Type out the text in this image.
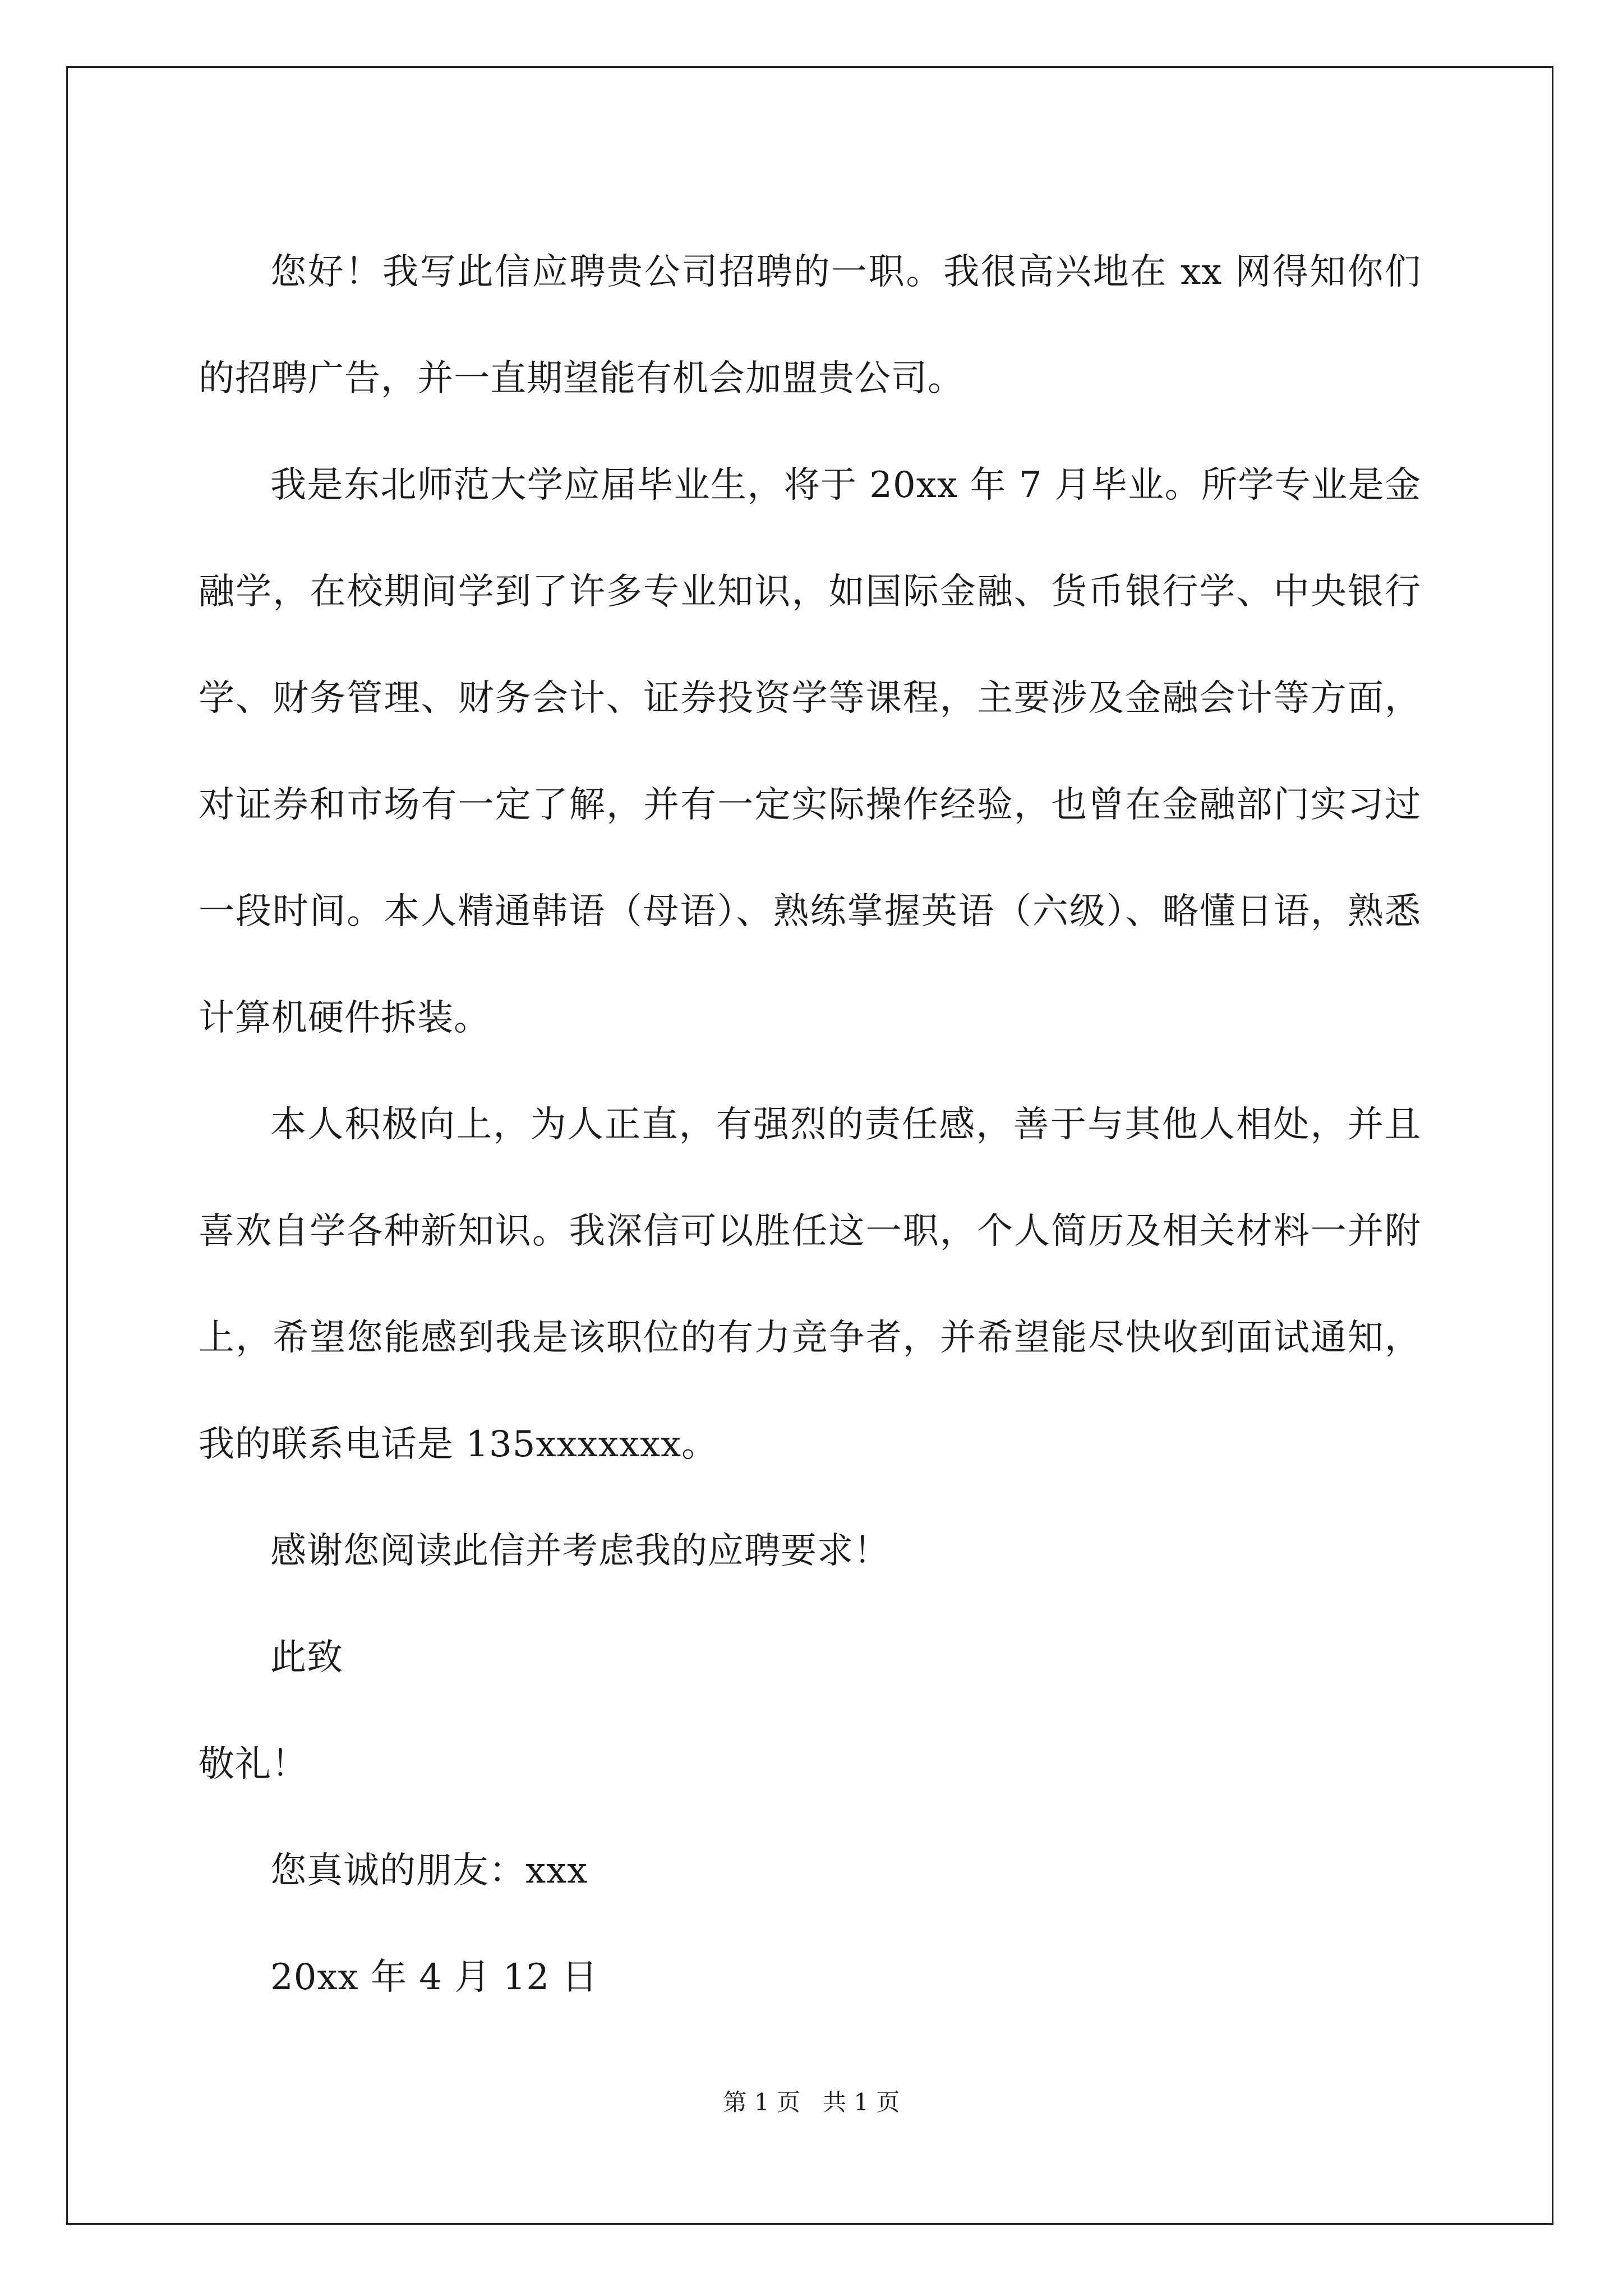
您好！我写此信应聘贵公司招聘的一职。我很高兴地在 xx 网得知你们的招聘广告，并一直期望能有机会加盟贵公司。

我是东北师范大学应届毕业生，将于 20xx 年 7 月毕业。所学专业是金融学，在校期间学到了许多专业知识，如国际金融、货币银行学、中央银行学、财务管理、财务会计、证券投资学等课程，主要涉及金融会计等方面，对证券和市场有一定了解，并有一定实际操作经验，也曾在金融部门实习过一段时间。本人精通韩语（母语）、熟练掌握英语（六级）、略懂日语，熟悉计算机硬件拆装。

本人积极向上，为人正直，有强烈的责任感，善于与其他人相处，并且喜欢自学各种新知识。我深信可以胜任这一职，个人简历及相关材料一并附上，希望您能感到我是该职位的有力竞争者，并希望能尽快收到面试通知，我的联系电话是 135xxxxxxx。

感谢您阅读此信并考虑我的应聘要求！

此致

敬礼！

您真诚的朋友：xxx

20xx 年 4 月 12 日

第 1 页 共 1 页
